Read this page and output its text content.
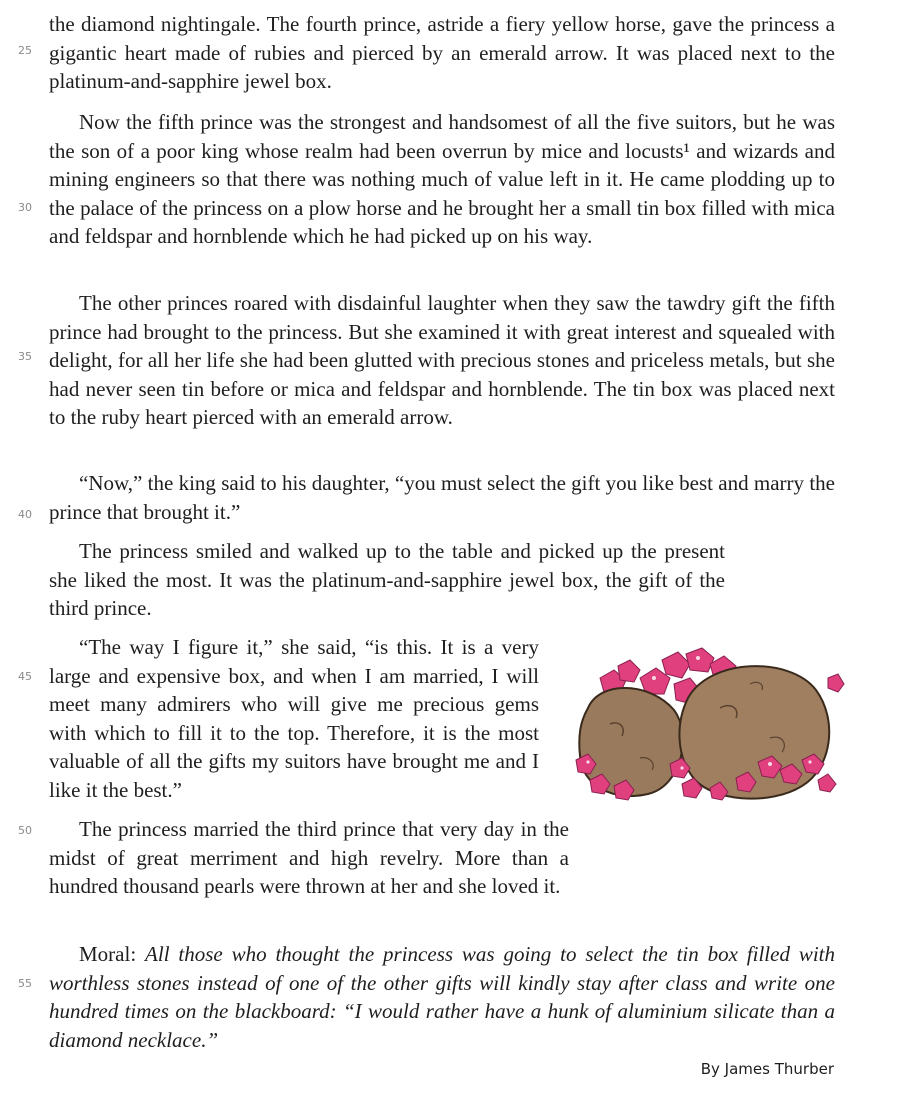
25
30
35
40
45
50
55

the diamond nightingale. The fourth prince, astride a fiery yellow horse, gave the princess a gigantic heart made of rubies and pierced by an emerald arrow. It was placed next to the platinum-and-sapphire jewel box.

Now the fifth prince was the strongest and handsomest of all the five suitors, but he was the son of a poor king whose realm had been overrun by mice and locusts¹ and wizards and mining engineers so that there was nothing much of value left in it. He came plodding up to the palace of the princess on a plow horse and he brought her a small tin box filled with mica and feldspar and hornblende which he had picked up on his way.

The other princes roared with disdainful laughter when they saw the tawdry gift the fifth prince had brought to the princess. But she examined it with great interest and squealed with delight, for all her life she had been glutted with precious stones and priceless metals, but she had never seen tin before or mica and feldspar and hornblende. The tin box was placed next to the ruby heart pierced with an emerald arrow.

“Now,” the king said to his daughter, “you must select the gift you like best and marry the prince that brought it.”

The princess smiled and walked up to the table and picked up the present she liked the most. It was the platinum-and-sapphire jewel box, the gift of the third prince.

“The way I figure it,” she said, “is this. It is a very large and expensive box, and when I am married, I will meet many admirers who will give me precious gems with which to fill it to the top. Therefore, it is the most valuable of all the gifts my suitors have brought me and I like it the best.”

The princess married the third prince that very day in the midst of great merriment and high revelry. More than a hundred thousand pearls were thrown at her and she loved it.

Moral: All those who thought the princess was going to select the tin box filled with worthless stones instead of one of the other gifts will kindly stay after class and write one hundred times on the blackboard: “I would rather have a hunk of aluminium silicate than a diamond necklace.”

By James Thurber
